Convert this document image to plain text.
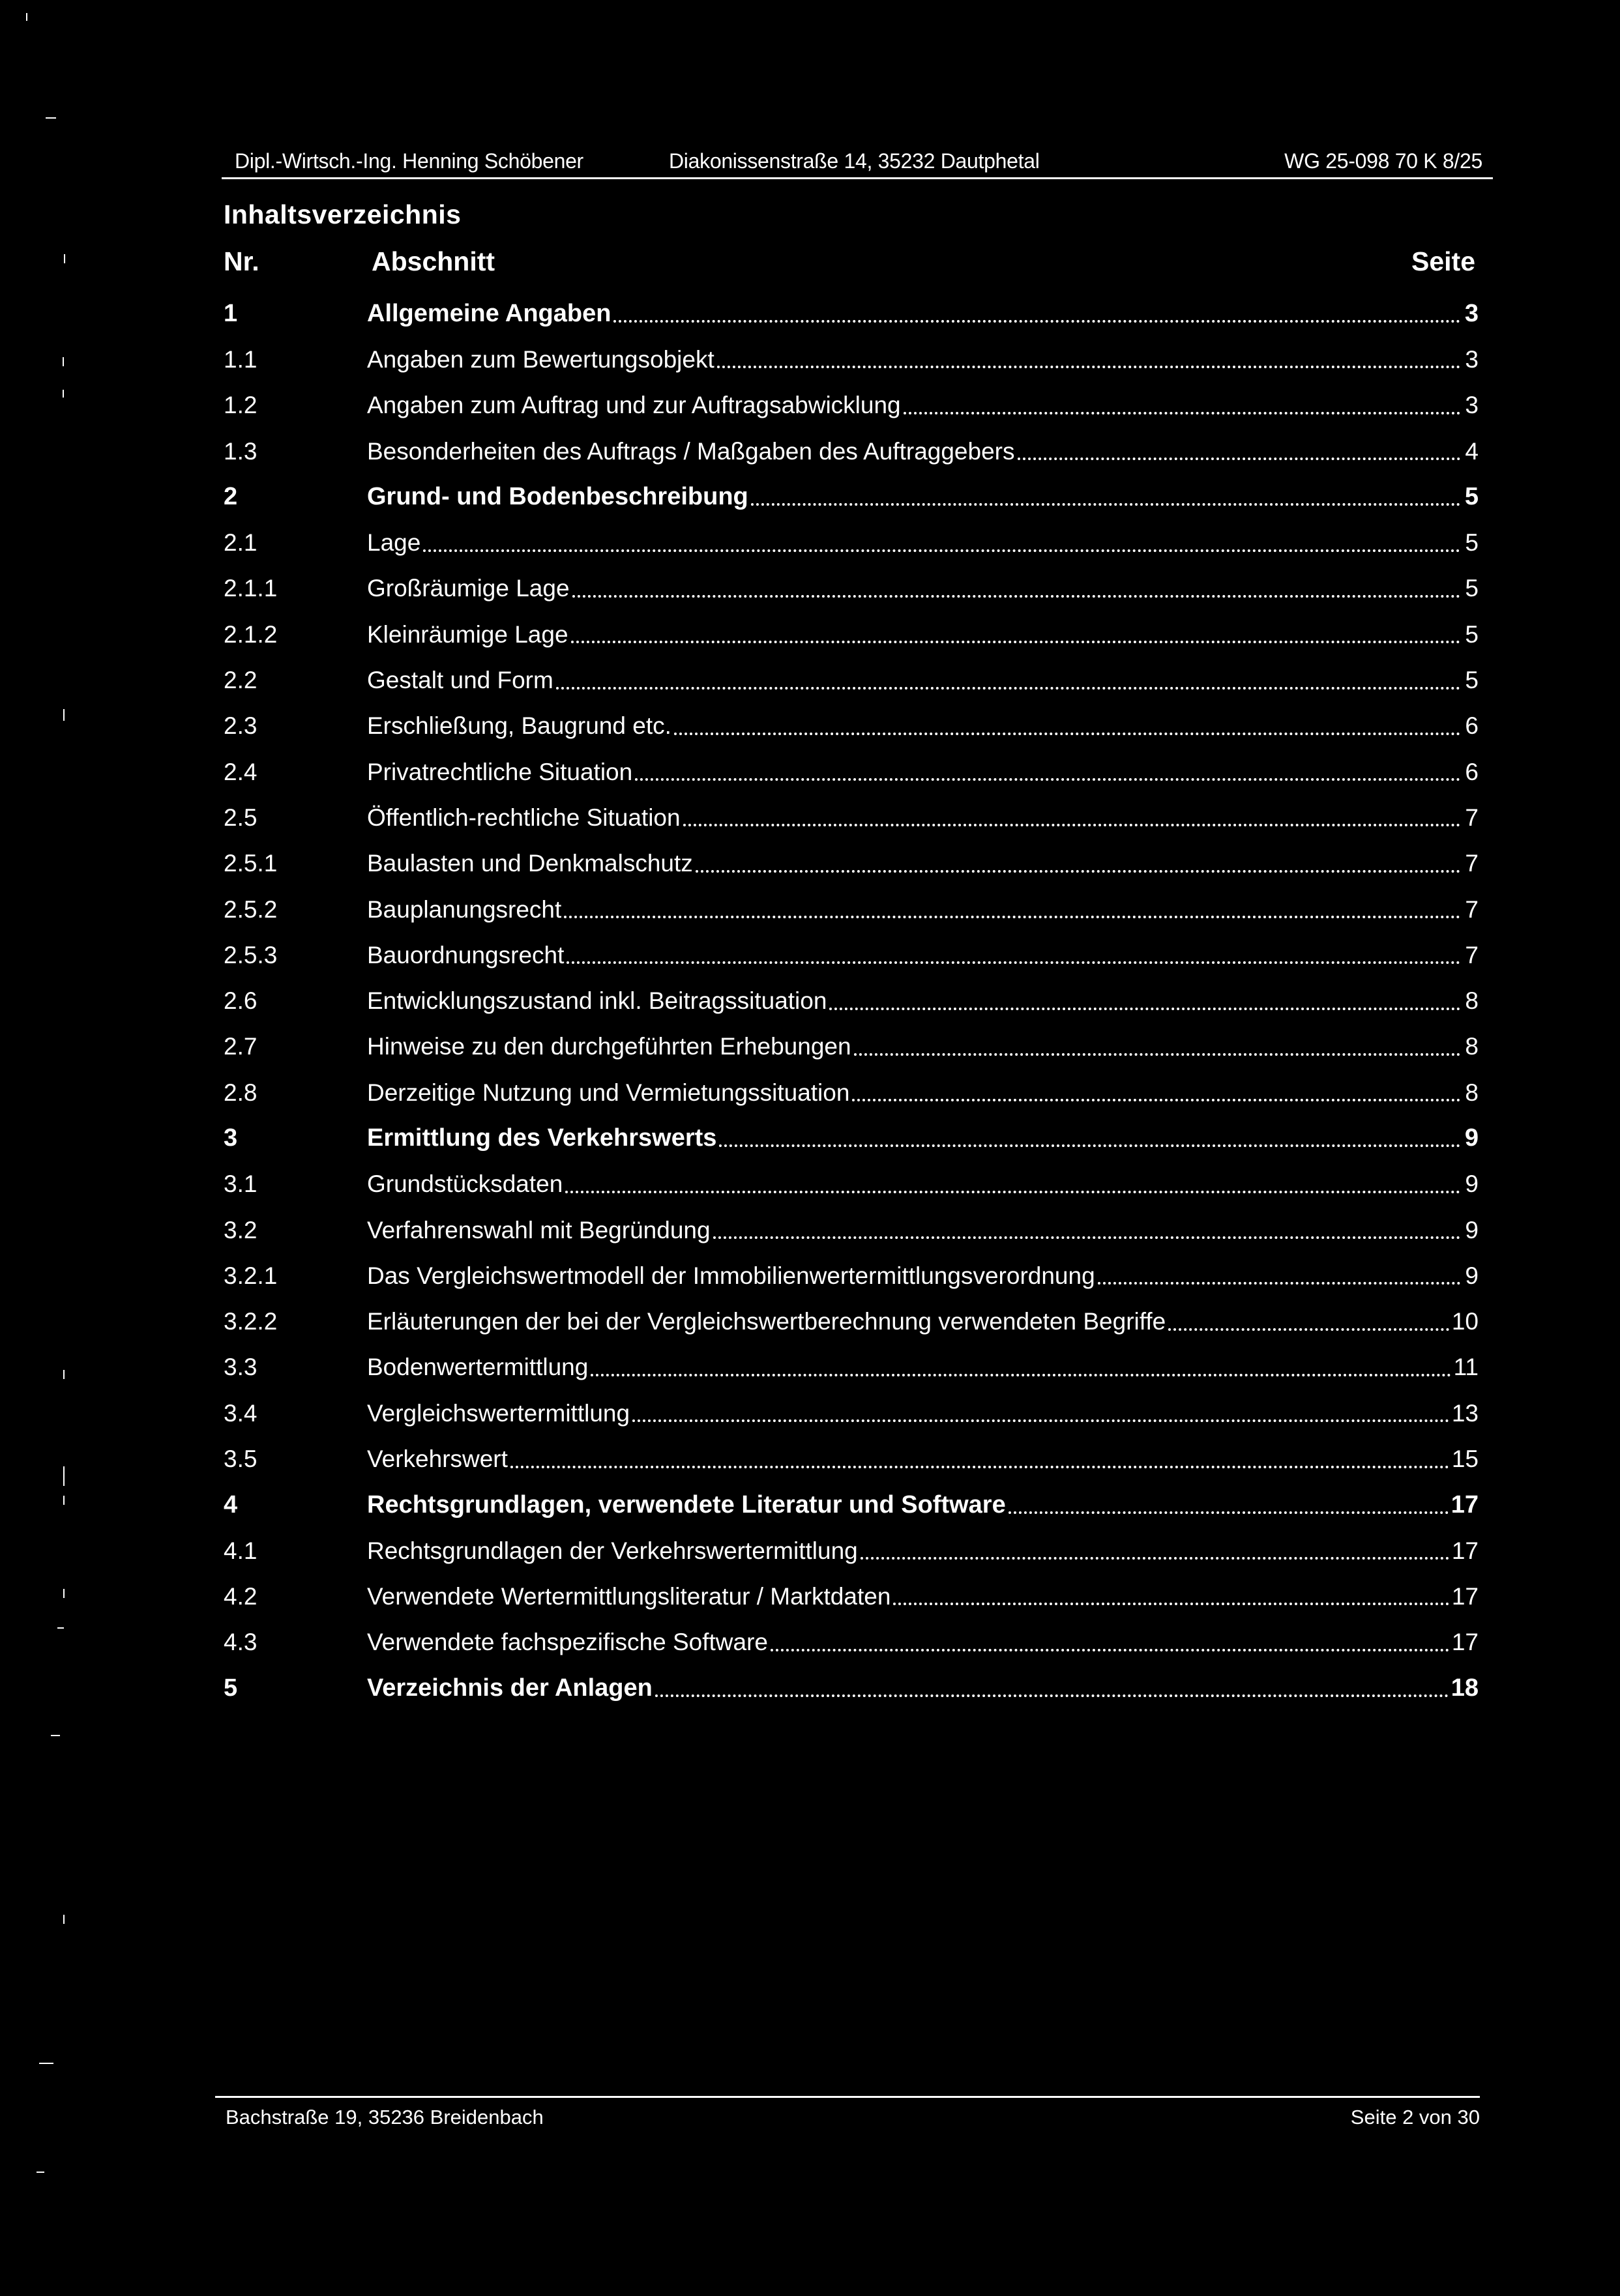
Dipl.-Wirtsch.-Ing. Henning Schöbener	Diakonissenstraße 14, 35232 Dautphetal	WG 25-098 70 K 8/25
Inhaltsverzeichnis
Nr.	Abschnitt	Seite
1	Allgemeine Angaben	3
1.1	Angaben zum Bewertungsobjekt	3
1.2	Angaben zum Auftrag und zur Auftragsabwicklung	3
1.3	Besonderheiten des Auftrags / Maßgaben des Auftraggebers	4
2	Grund- und Bodenbeschreibung	5
2.1	Lage	5
2.1.1	Großräumige Lage	5
2.1.2	Kleinräumige Lage	5
2.2	Gestalt und Form	5
2.3	Erschließung, Baugrund etc.	6
2.4	Privatrechtliche Situation	6
2.5	Öffentlich-rechtliche Situation	7
2.5.1	Baulasten und Denkmalschutz	7
2.5.2	Bauplanungsrecht	7
2.5.3	Bauordnungsrecht	7
2.6	Entwicklungszustand inkl. Beitragssituation	8
2.7	Hinweise zu den durchgeführten Erhebungen	8
2.8	Derzeitige Nutzung und Vermietungssituation	8
3	Ermittlung des Verkehrswerts	9
3.1	Grundstücksdaten	9
3.2	Verfahrenswahl mit Begründung	9
3.2.1	Das Vergleichswertmodell der Immobilienwertermittlungsverordnung	9
3.2.2	Erläuterungen der bei der Vergleichswertberechnung verwendeten Begriffe	10
3.3	Bodenwertermittlung	11
3.4	Vergleichswertermittlung	13
3.5	Verkehrswert	15
4	Rechtsgrundlagen, verwendete Literatur und Software	17
4.1	Rechtsgrundlagen der Verkehrswertermittlung	17
4.2	Verwendete Wertermittlungsliteratur / Marktdaten	17
4.3	Verwendete fachspezifische Software	17
5	Verzeichnis der Anlagen	18
Bachstraße 19, 35236 Breidenbach	Seite 2 von 30
